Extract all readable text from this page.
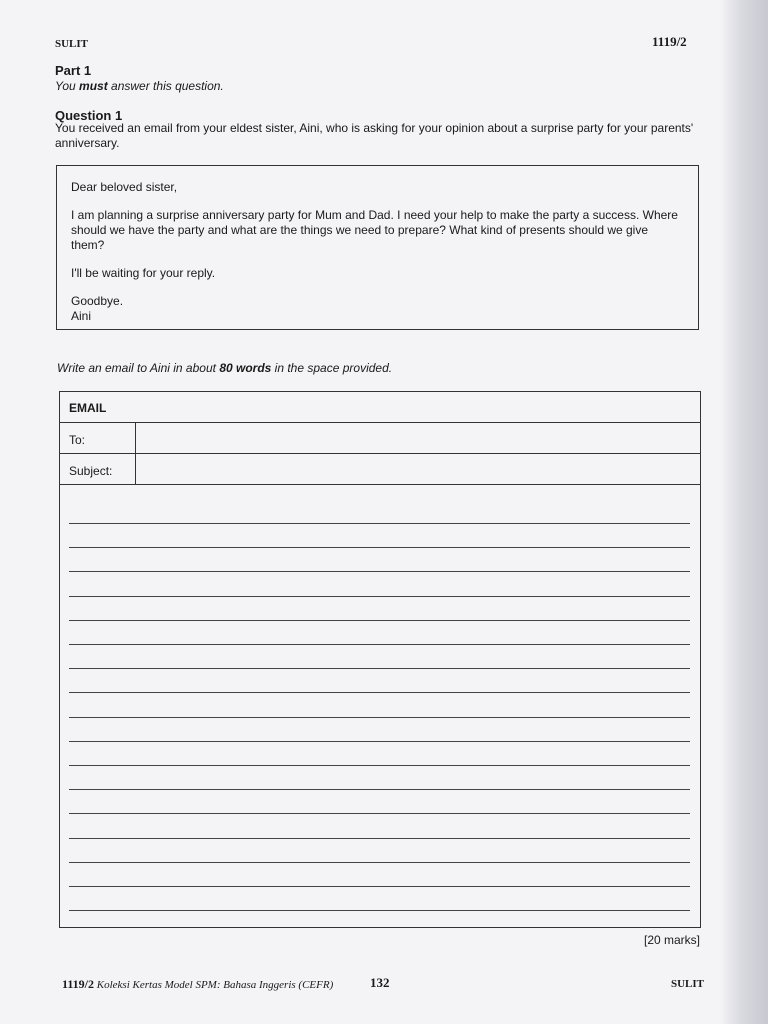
SULIT	1119/2
Part 1
You must answer this question.
Question 1
You received an email from your eldest sister, Aini, who is asking for your opinion about a surprise party for your parents' anniversary.

Dear beloved sister,

I am planning a surprise anniversary party for Mum and Dad. I need your help to make the party a success. Where should we have the party and what are the things we need to prepare? What kind of presents should we give them?

I'll be waiting for your reply.

Goodbye.
Aini

Write an email to Aini in about 80 words in the space provided.
EMAIL
To:
Subject:
[20 marks]
1119/2 Koleksi Kertas Model SPM: Bahasa Inggeris (CEFR)	132	SULIT
